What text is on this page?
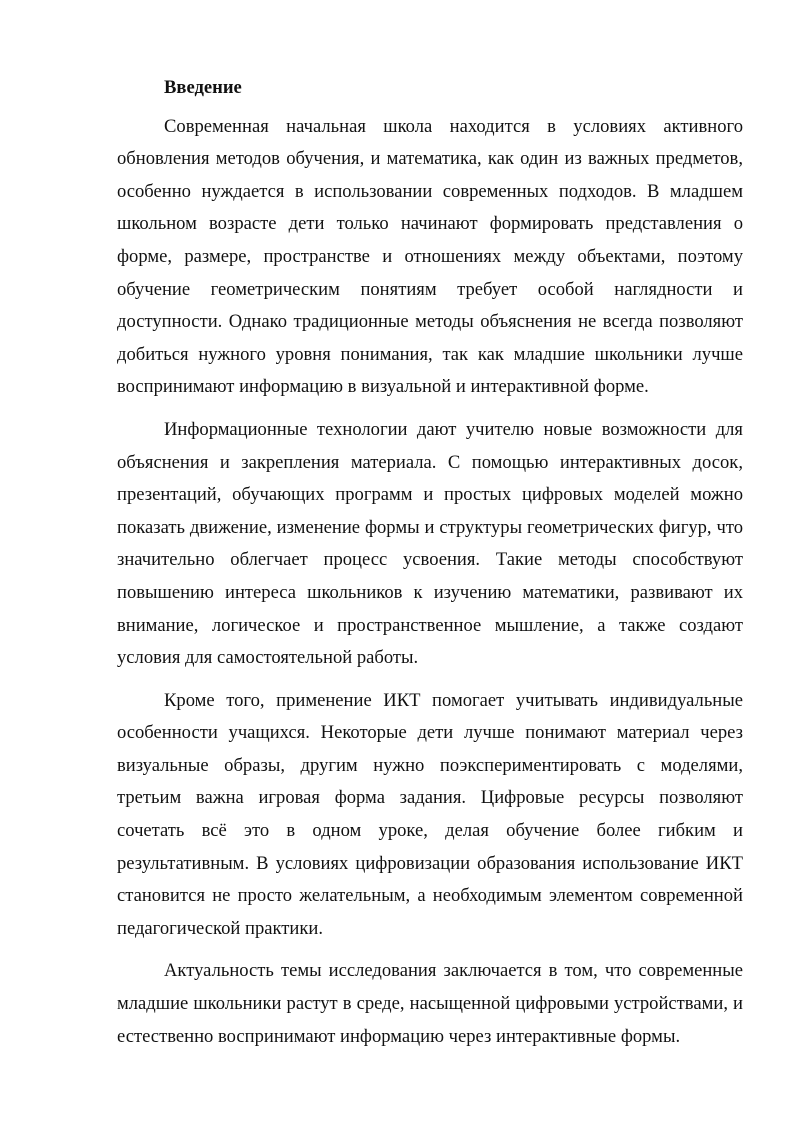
Введение

Современная начальная школа находится в условиях активного обновления методов обучения, и математика, как один из важных предметов, особенно нуждается в использовании современных подходов. В младшем школьном возрасте дети только начинают формировать представления о форме, размере, пространстве и отношениях между объектами, поэтому обучение геометрическим понятиям требует особой наглядности и доступности. Однако традиционные методы объяснения не всегда позволяют добиться нужного уровня понимания, так как младшие школьники лучше воспринимают информацию в визуальной и интерактивной форме.

Информационные технологии дают учителю новые возможности для объяснения и закрепления материала. С помощью интерактивных досок, презентаций, обучающих программ и простых цифровых моделей можно показать движение, изменение формы и структуры геометрических фигур, что значительно облегчает процесс усвоения. Такие методы способствуют повышению интереса школьников к изучению математики, развивают их внимание, логическое и пространственное мышление, а также создают условия для самостоятельной работы.

Кроме того, применение ИКТ помогает учитывать индивидуальные особенности учащихся. Некоторые дети лучше понимают материал через визуальные образы, другим нужно поэкспериментировать с моделями, третьим важна игровая форма задания. Цифровые ресурсы позволяют сочетать всё это в одном уроке, делая обучение более гибким и результативным. В условиях цифровизации образования использование ИКТ становится не просто желательным, а необходимым элементом современной педагогической практики.

Актуальность темы исследования заключается в том, что современные младшие школьники растут в среде, насыщенной цифровыми устройствами, и естественно воспринимают информацию через интерактивные формы.
